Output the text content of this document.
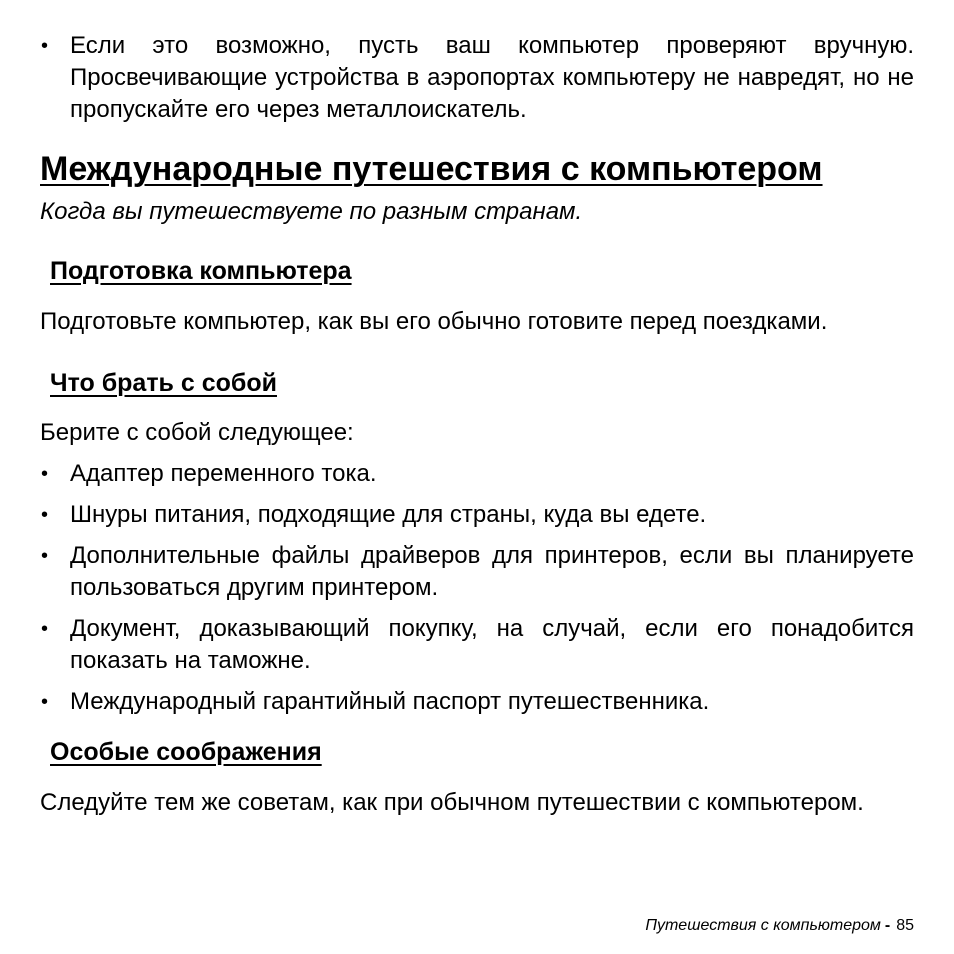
• Если это возможно, пусть ваш компьютер проверяют вручную. Просвечивающие устройства в аэропортах компьютеру не навредят, но не пропускайте его через металлоискатель.
Международные путешествия с компьютером

Когда вы путешествуете по разным странам.

Подготовка компьютера

Подготовьте компьютер, как вы его обычно готовите перед поездками.

Что брать с собой

Берите с собой следующее:

• Адаптер переменного тока.
• Шнуры питания, подходящие для страны, куда вы едете.
• Дополнительные файлы драйверов для принтеров, если вы планируете пользоваться другим принтером.
• Документ, доказывающий покупку, на случай, если его понадобится показать на таможне.
• Международный гарантийный паспорт путешественника.
Особые соображения

Следуйте тем же советам, как при обычном путешествии с компьютером.

Путешествия с компьютером - 85
